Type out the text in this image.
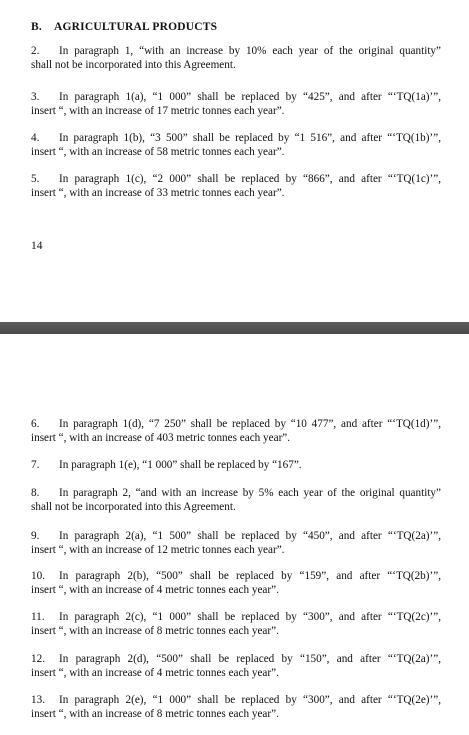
B. AGRICULTURAL PRODUCTS
2. In paragraph 1, “with an increase by 10% each year of the original quantity”
shall not be incorporated into this Agreement.
3. In paragraph 1(a), “1 000” shall be replaced by “425”, and after “‘TQ(1a)’”,
insert “, with an increase of 17 metric tonnes each year”.
4. In paragraph 1(b), “3 500” shall be replaced by “1 516”, and after “‘TQ(1b)’”,
insert “, with an increase of 58 metric tonnes each year”.
5. In paragraph 1(c), “2 000” shall be replaced by “866”, and after “‘TQ(1c)’”,
insert “, with an increase of 33 metric tonnes each year”.
14
6. In paragraph 1(d), “7 250” shall be replaced by “10 477”, and after “‘TQ(1d)’”,
insert “, with an increase of 403 metric tonnes each year”.
7. In paragraph 1(e), “1 000” shall be replaced by “167”.
8. In paragraph 2, “and with an increase by 5% each year of the original quantity”
shall not be incorporated into this Agreement.
9. In paragraph 2(a), “1 500” shall be replaced by “450”, and after “‘TQ(2a)’”,
insert “, with an increase of 12 metric tonnes each year”.
10. In paragraph 2(b), “500” shall be replaced by “159”, and after “‘TQ(2b)’”,
insert “, with an increase of 4 metric tonnes each year”.
11. In paragraph 2(c), “1 000” shall be replaced by “300”, and after “‘TQ(2c)’”,
insert “, with an increase of 8 metric tonnes each year”.
12. In paragraph 2(d), “500” shall be replaced by “150”, and after “‘TQ(2a)’”,
insert “, with an increase of 4 metric tonnes each year”.
13. In paragraph 2(e), “1 000” shall be replaced by “300”, and after “‘TQ(2e)’”,
insert “, with an increase of 8 metric tonnes each year”.
